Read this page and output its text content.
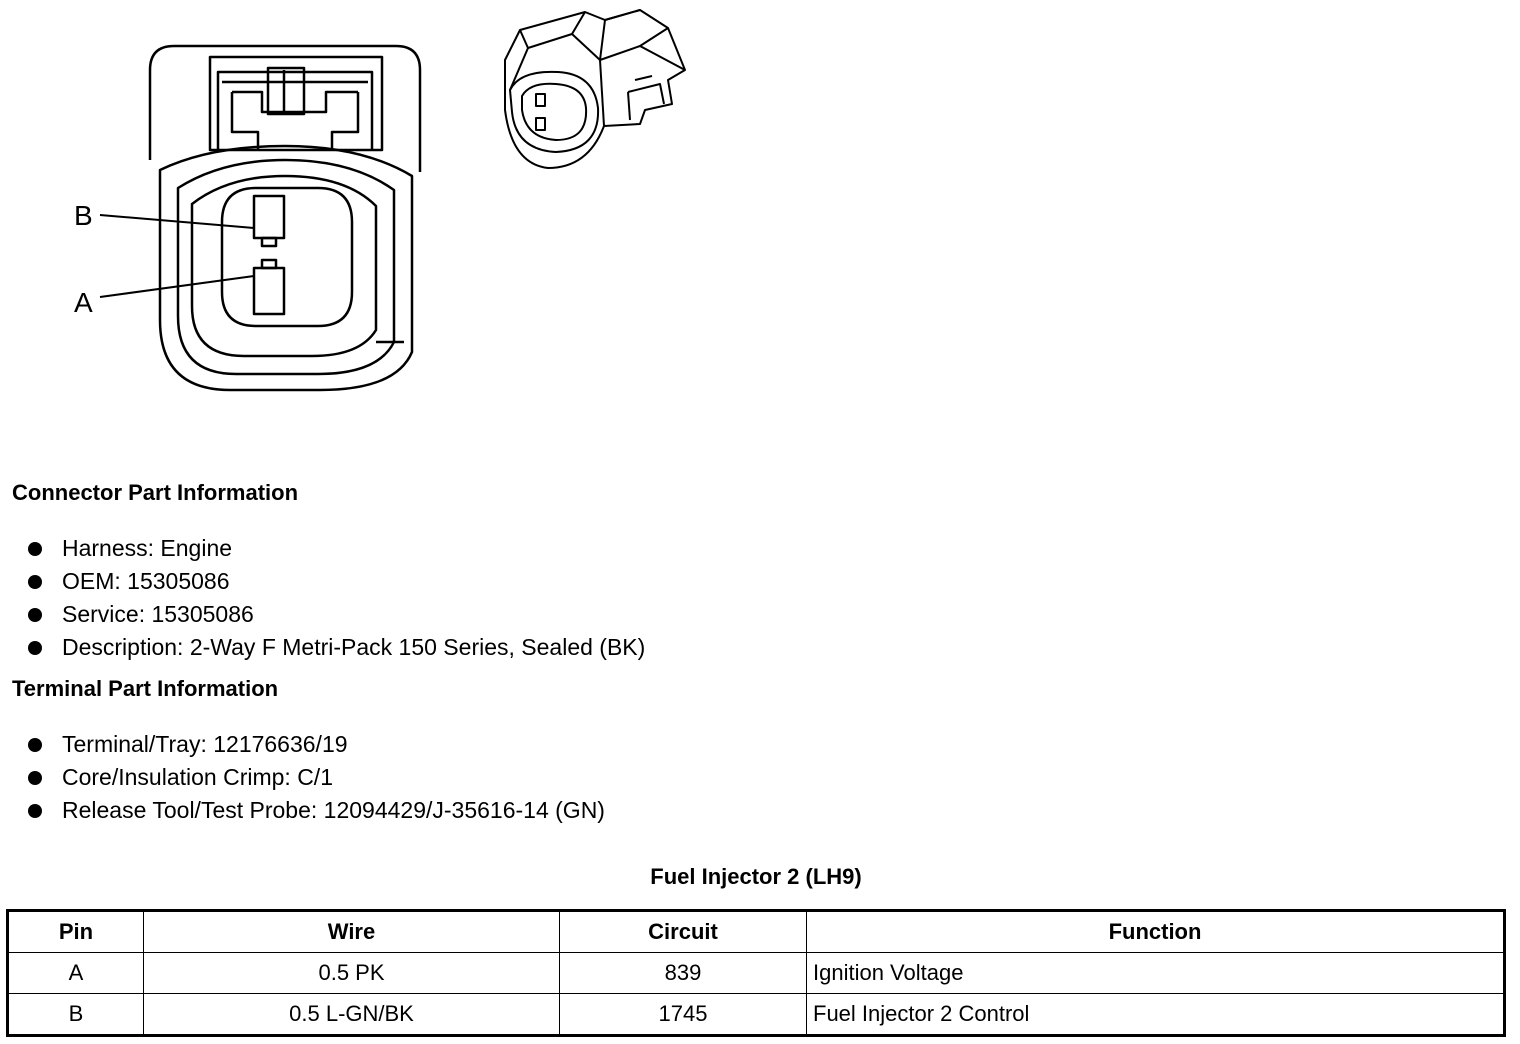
B
A
Connector Part Information
Harness: Engine
OEM: 15305086
Service: 15305086
Description: 2-Way F Metri-Pack 150 Series, Sealed (BK)
Terminal Part Information
Terminal/Tray: 12176636/19
Core/Insulation Crimp: C/1
Release Tool/Test Probe: 12094429/J-35616-14 (GN)
Fuel Injector 2 (LH9)
Pin	Wire	Circuit	Function
A	0.5 PK	839	Ignition Voltage
B	0.5 L-GN/BK	1745	Fuel Injector 2 Control
